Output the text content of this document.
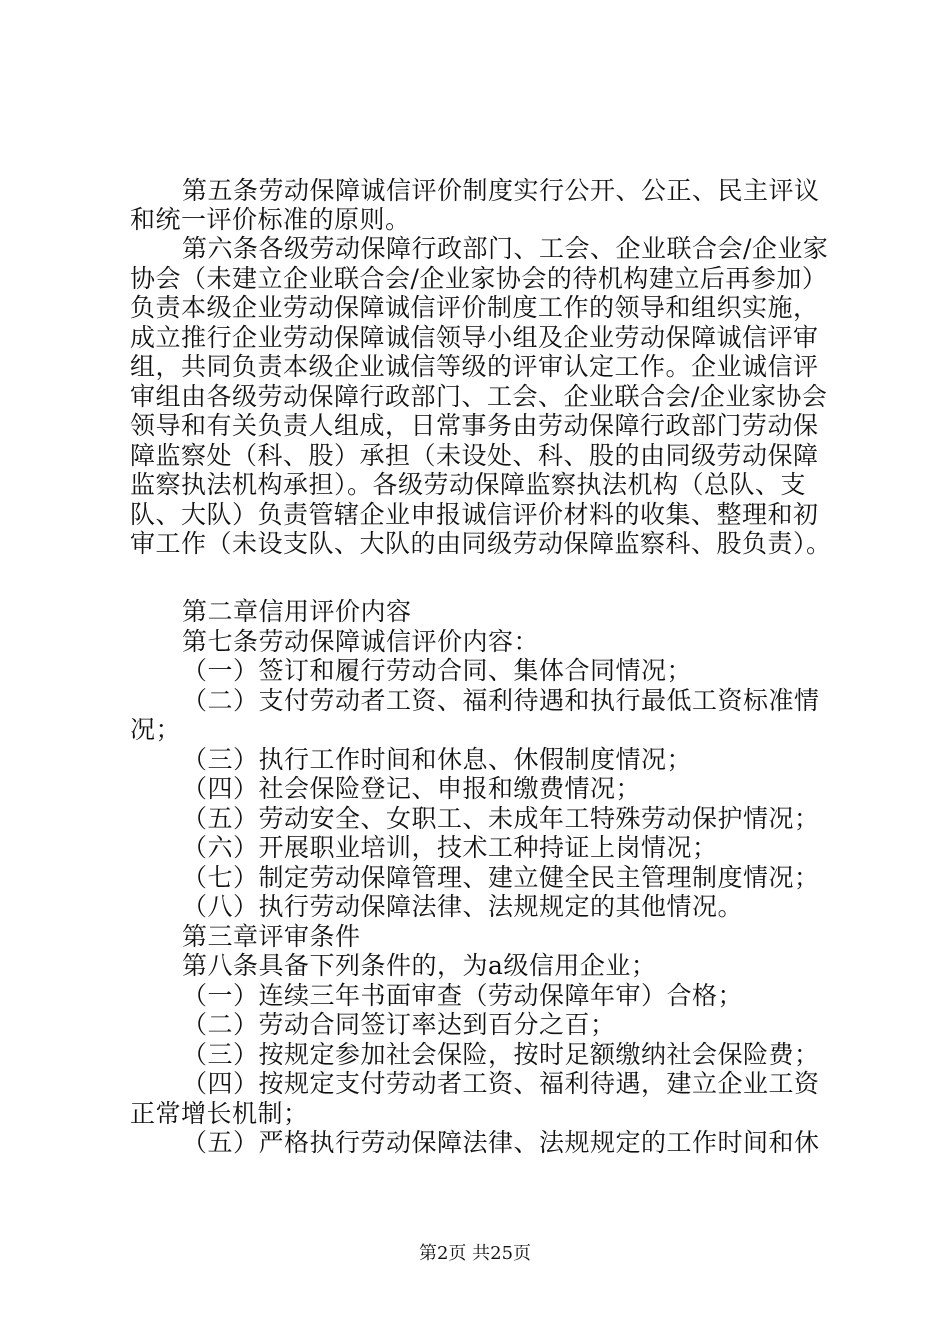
第五条劳动保障诚信评价制度实行公开、公正、民主评议
和统一评价标准的原则。
第六条各级劳动保障行政部门、工会、企业联合会/企业家
协会（未建立企业联合会/企业家协会的待机构建立后再参加）
负责本级企业劳动保障诚信评价制度工作的领导和组织实施，
成立推行企业劳动保障诚信领导小组及企业劳动保障诚信评审
组，共同负责本级企业诚信等级的评审认定工作。企业诚信评
审组由各级劳动保障行政部门、工会、企业联合会/企业家协会
领导和有关负责人组成，日常事务由劳动保障行政部门劳动保
障监察处（科、股）承担（未设处、科、股的由同级劳动保障
监察执法机构承担）。各级劳动保障监察执法机构（总队、支
队、大队）负责管辖企业申报诚信评价材料的收集、整理和初
审工作（未设支队、大队的由同级劳动保障监察科、股负责）。
第二章信用评价内容
第七条劳动保障诚信评价内容：
（一）签订和履行劳动合同、集体合同情况；
（二）支付劳动者工资、福利待遇和执行最低工资标准情
况；
（三）执行工作时间和休息、休假制度情况；
（四）社会保险登记、申报和缴费情况；
（五）劳动安全、女职工、未成年工特殊劳动保护情况；
（六）开展职业培训，技术工种持证上岗情况；
（七）制定劳动保障管理、建立健全民主管理制度情况；
（八）执行劳动保障法律、法规规定的其他情况。
第三章评审条件
第八条具备下列条件的，为a级信用企业；
（一）连续三年书面审查（劳动保障年审）合格；
（二）劳动合同签订率达到百分之百；
（三）按规定参加社会保险，按时足额缴纳社会保险费；
（四）按规定支付劳动者工资、福利待遇，建立企业工资
正常增长机制；
（五）严格执行劳动保障法律、法规规定的工作时间和休
第2页 共25页
